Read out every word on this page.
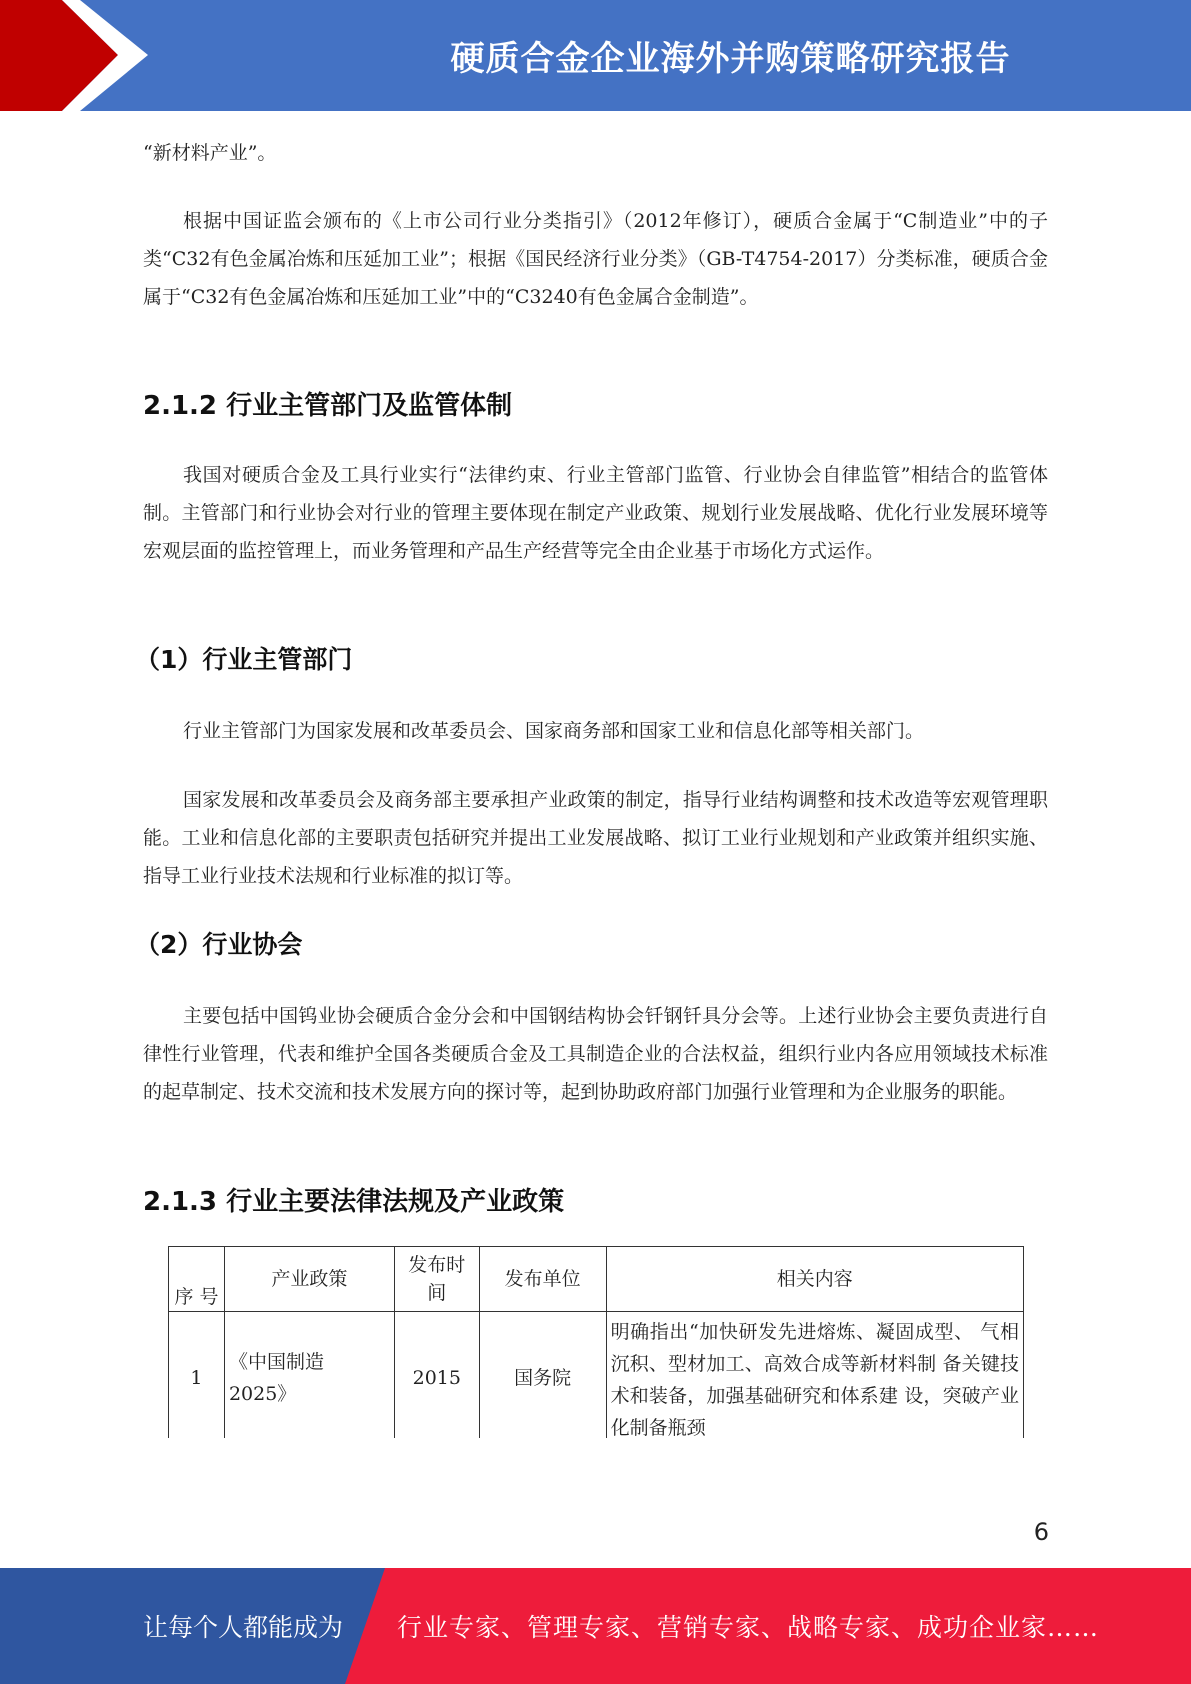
硬质合金企业海外并购策略研究报告

“新材料产业”。

根据中国证监会颁布的《上市公司行业分类指引》（2012年修订），硬质合金属于“C制造业”中的子类“C32有色金属冶炼和压延加工业”；根据《国民经济行业分类》（GB-T4754-2017）分类标准，硬质合金属于“C32有色金属冶炼和压延加工业”中的“C3240有色金属合金制造”。

2.1.2 行业主管部门及监管体制

我国对硬质合金及工具行业实行“法律约束、行业主管部门监管、行业协会自律监管”相结合的监管体制。主管部门和行业协会对行业的管理主要体现在制定产业政策、规划行业发展战略、优化行业发展环境等宏观层面的监控管理上，而业务管理和产品生产经营等完全由企业基于市场化方式运作。

（1）行业主管部门

行业主管部门为国家发展和改革委员会、国家商务部和国家工业和信息化部等相关部门。

国家发展和改革委员会及商务部主要承担产业政策的制定，指导行业结构调整和技术改造等宏观管理职能。工业和信息化部的主要职责包括研究并提出工业发展战略、拟订工业行业规划和产业政策并组织实施、指导工业行业技术法规和行业标准的拟订等。

（2）行业协会

主要包括中国钨业协会硬质合金分会和中国钢结构协会钎钢钎具分会等。上述行业协会主要负责进行自律性行业管理，代表和维护全国各类硬质合金及工具制造企业的合法权益，组织行业内各应用领域技术标准的起草制定、技术交流和技术发展方向的探讨等，起到协助政府部门加强行业管理和为企业服务的职能。

2.1.3 行业主要法律法规及产业政策
序 号	产业政策	发布时间	发布单位	相关内容
1	《中国制造2025》	2015	国务院	明确指出“加快研发先进熔炼、凝固成型、 气相沉积、型材加工、高效合成等新材料制 备关键技术和装备，加强基础研究和体系建 设，突破产业化制备瓶颈
6
让每个人都能成为 行业专家、管理专家、营销专家、战略专家、成功企业家……
